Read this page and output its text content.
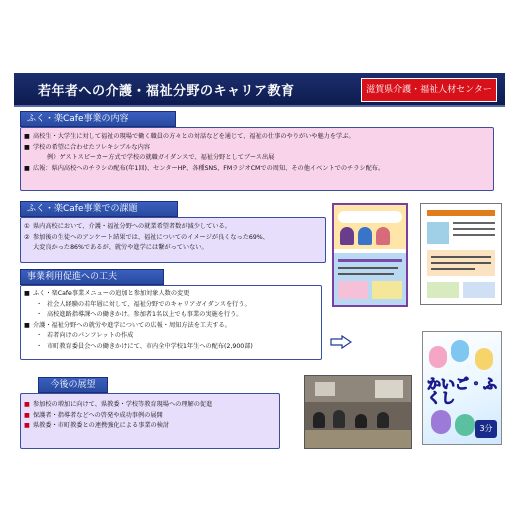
若年者への介護・福祉分野のキャリア教育	滋賀県介護・福祉人材センター
ふく・楽Cafe事業の内容
■ 高校生・大学生に対して福祉の現場で働く職員の方々との対話などを通じて、福祉の仕事のやりがいや魅力を学ぶ。
■ 学校の希望に合わせたフレキシブルな内容
例）ゲストスピーカー方式で学校の就職ガイダンスで、福祉分野としてブース出展
■ 広報：県内高校へのチラシの配布(年1回)、センターHP、各種SNS、FMラジオCMでの周知、その他イベントでのチラシ配布。
ふく・楽Cafe事業での課題
① 県内高校において、介護・福祉分野への就業希望者数が減少している。
② 参加後の生徒へのアンケート結果では、福祉についてのイメージが良くなった69%、
大変良かった86%であるが、就労や進学には繋がっていない。
事業利用促進への工夫
■ ふく・楽Cafe事業メニューの追加と参加対象人数の変更
・ 社会人経験の若年層に対して、福祉分野でのキャリアガイダンスを行う。
・ 高校進路指導課への働きかけ。参加者1名以上でも事業の実施を行う。
■ 介護・福祉分野への就労や進学についての広報・周知方法を工夫する。
・ 若者向けのパンフレットの作成
・ 市町教育委員会への働きかけにて、市内全中学校1年生への配布(2,900部)
今後の展望
■ 参加校の増加に向けて、県教委・学校等教育現場への理解の促進
■ 保護者・指導者などへの啓発や成功事例の展開
■ 県教委・市町教委との連携強化による事業の検討
かいご・ふくし
3分
